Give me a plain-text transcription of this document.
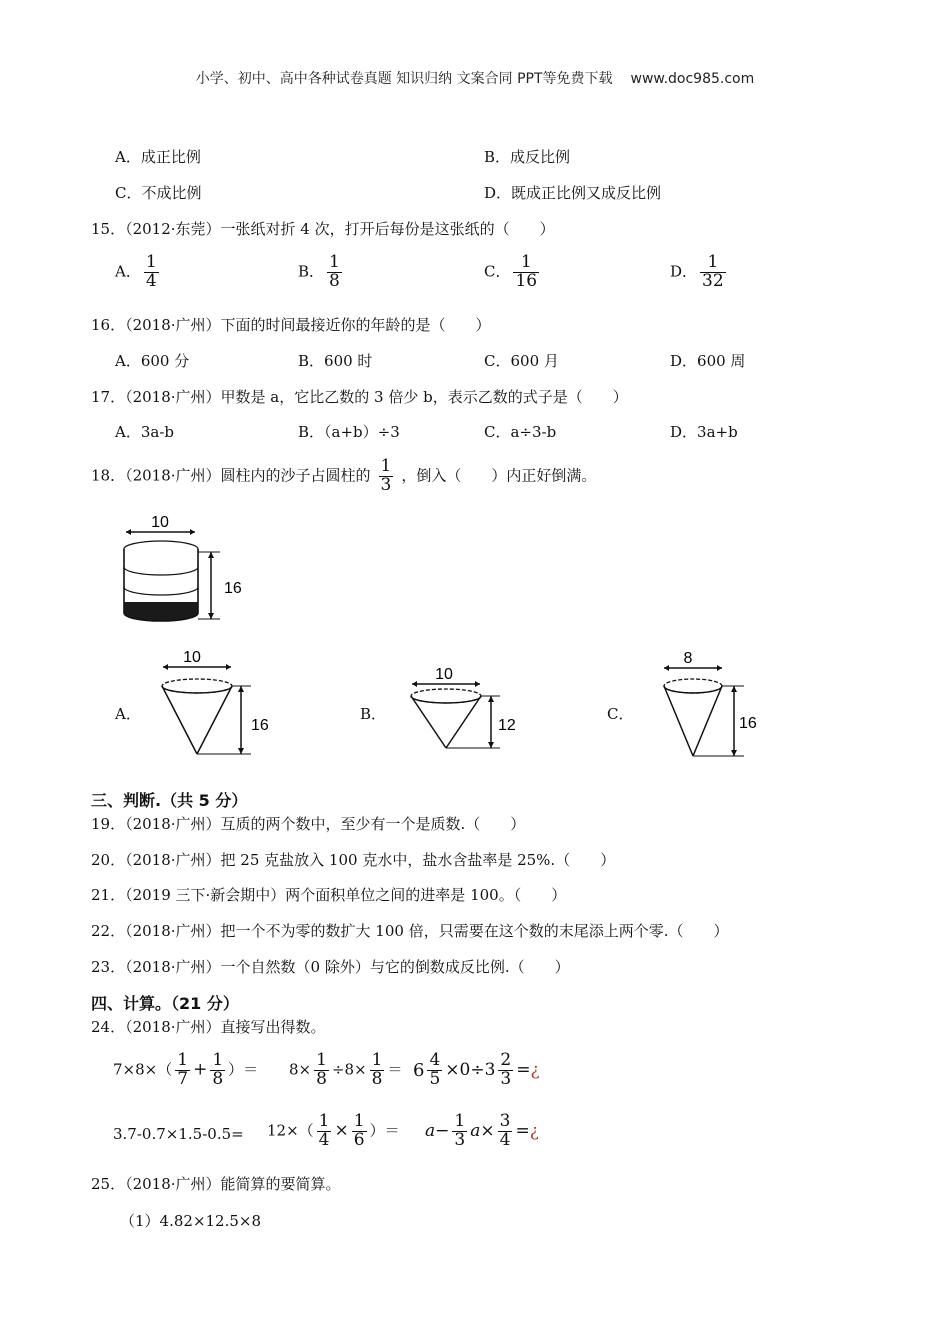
小学、初中、高中各种试卷真题 知识归纳 文案合同 PPT等免费下载 www.doc985.com
A．成正比例	B．成反比例
C．不成比例	D．既成正比例又成反比例
15．（2012·东莞）一张纸对折 4 次，打开后每份是这张纸的（　　）
A． $\frac{1}{4}$	B． $\frac{1}{8}$	C． $\frac{1}{16}$	D． $\frac{1}{32}$
16．（2018·广州）下面的时间最接近你的年龄的是（　　）
A．600 分	B．600 时	C．600 月	D．600 周
17．（2018·广州）甲数是 a，它比乙数的 3 倍少 b，表示乙数的式子是（　　）
A．3a-b	B．（a+b）÷3	C．a÷3-b	D．3a+b
18．（2018·广州）圆柱内的沙子占圆柱的 $\frac{1}{3}$ ，倒入（　　）内正好倒满。
10
16
A．
10
16
B．
10
12
C．
8
16
三、判断.（共 5 分）
19．（2018·广州）互质的两个数中，至少有一个是质数.（　　）
20．（2018·广州）把 25 克盐放入 100 克水中，盐水含盐率是 25%.（　　）
21．（2019 三下·新会期中）两个面积单位之间的进率是 100。（　　）
22．（2018·广州）把一个不为零的数扩大 100 倍，只需要在这个数的末尾添上两个零.（　　）
23．（2018·广州）一个自然数（0 除外）与它的倒数成反比例.（　　）
四、计算。（21 分）
24．（2018·广州）直接写出得数。
$7\times 8\times( \frac{1}{7} + \frac{1}{8}$ ）＝ $8\times \frac{1}{8} \div 8\times \frac{1}{8} = 6 \frac{4}{5} \times 0\div 3 \frac{2}{3}$ =¿
$3.7-0.7\times 1.5-0.5= 12\times( \frac{1}{4} \times \frac{1}{6}$ ）＝ $a- \frac{1}{3} a\times \frac{3}{4}$ =¿
25．（2018·广州）能简算的要简算。
（1）4.82×12.5×8
